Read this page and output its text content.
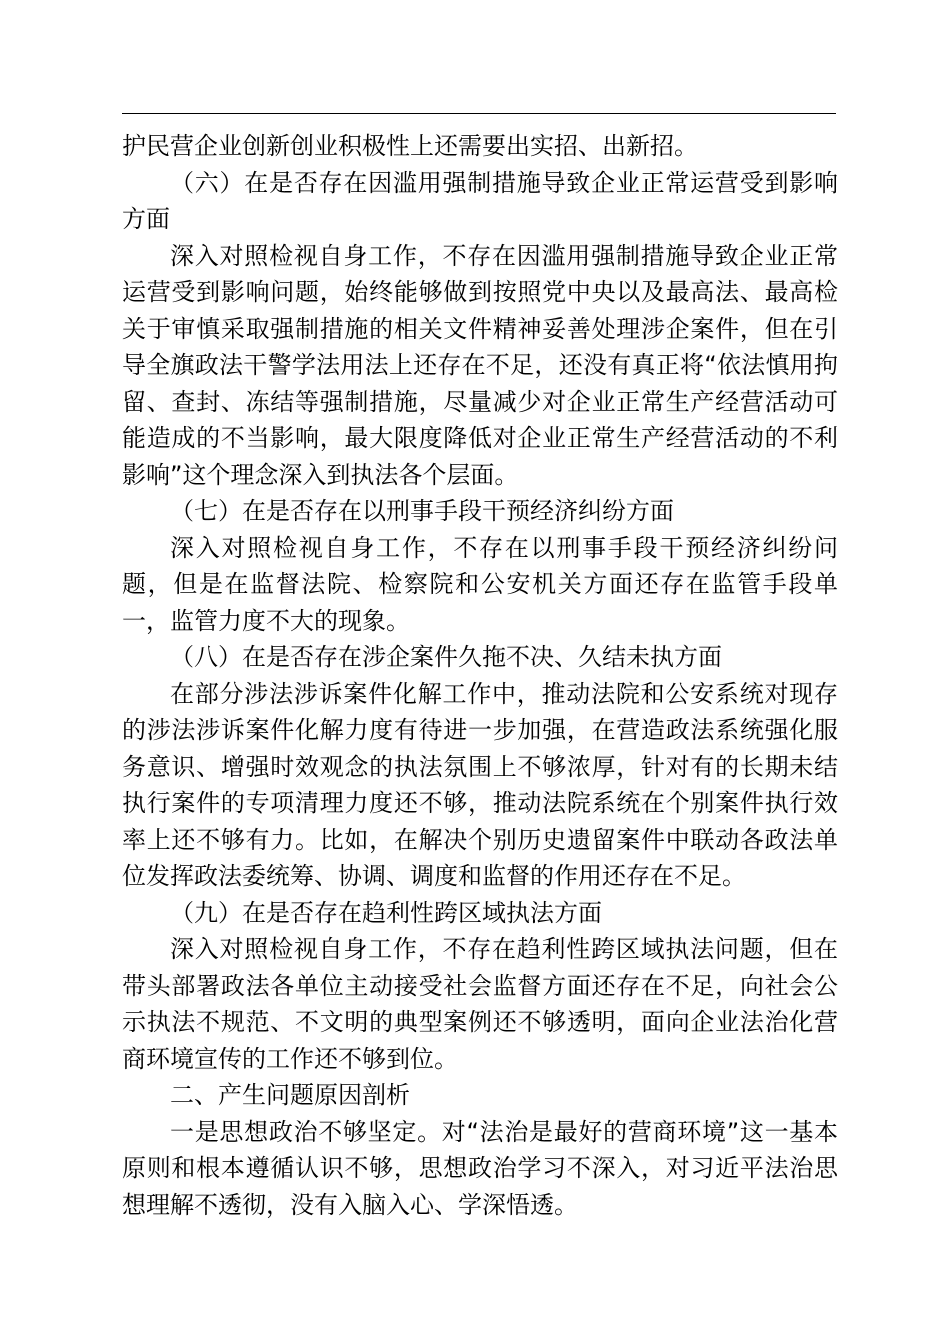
护民营企业创新创业积极性上还需要出实招、出新招。

（六）在是否存在因滥用强制措施导致企业正常运营受到影响方面

深入对照检视自身工作，不存在因滥用强制措施导致企业正常运营受到影响问题，始终能够做到按照党中央以及最高法、最高检关于审慎采取强制措施的相关文件精神妥善处理涉企案件，但在引导全旗政法干警学法用法上还存在不足，还没有真正将“依法慎用拘留、查封、冻结等强制措施，尽量减少对企业正常生产经营活动可能造成的不当影响，最大限度降低对企业正常生产经营活动的不利影响”这个理念深入到执法各个层面。

（七）在是否存在以刑事手段干预经济纠纷方面

深入对照检视自身工作，不存在以刑事手段干预经济纠纷问题，但是在监督法院、检察院和公安机关方面还存在监管手段单一，监管力度不大的现象。

（八）在是否存在涉企案件久拖不决、久结未执方面

在部分涉法涉诉案件化解工作中，推动法院和公安系统对现存的涉法涉诉案件化解力度有待进一步加强，在营造政法系统强化服务意识、增强时效观念的执法氛围上不够浓厚，针对有的长期未结执行案件的专项清理力度还不够，推动法院系统在个别案件执行效率上还不够有力。比如，在解决个别历史遗留案件中联动各政法单位发挥政法委统筹、协调、调度和监督的作用还存在不足。

（九）在是否存在趋利性跨区域执法方面

深入对照检视自身工作，不存在趋利性跨区域执法问题，但在带头部署政法各单位主动接受社会监督方面还存在不足，向社会公示执法不规范、不文明的典型案例还不够透明，面向企业法治化营商环境宣传的工作还不够到位。

二、产生问题原因剖析

一是思想政治不够坚定。对“法治是最好的营商环境”这一基本原则和根本遵循认识不够，思想政治学习不深入，对习近平法治思想理解不透彻，没有入脑入心、学深悟透。
